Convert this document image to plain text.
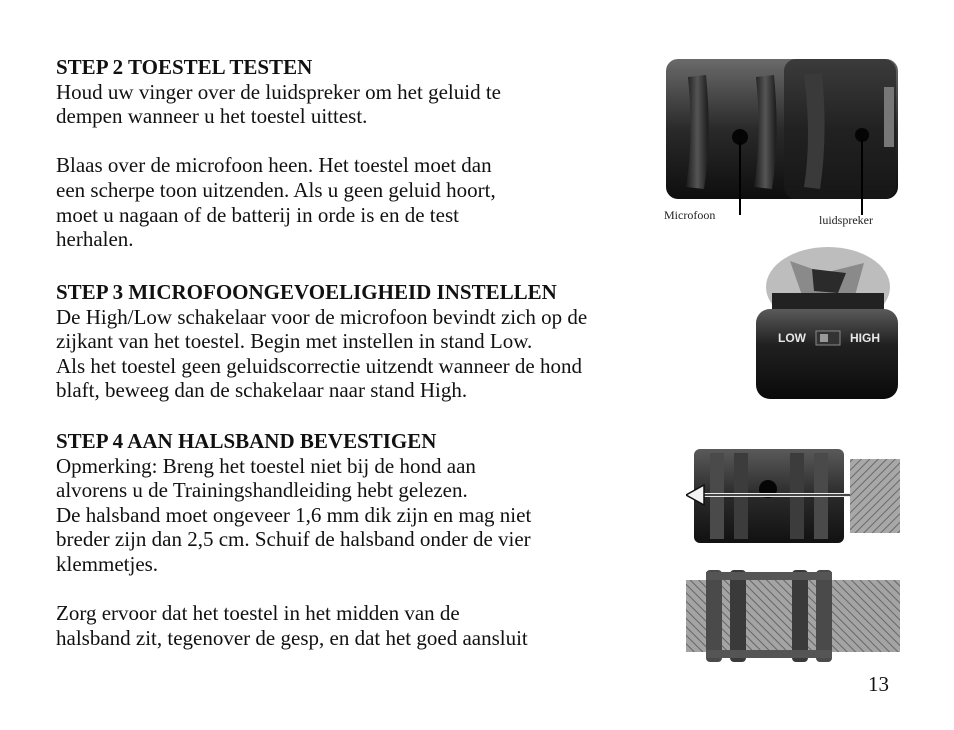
STEP 2 TOESTEL TESTEN

Houd uw vinger over de luidspreker om het geluid te

dempen wanneer u het toestel uittest.

Blaas over de microfoon heen. Het toestel moet dan

een scherpe toon uitzenden. Als u geen geluid hoort,

moet u nagaan of de batterij in orde is en de test

herhalen.

STEP 3 MICROFOONGEVOELIGHEID INSTELLEN

De High/Low schakelaar voor de microfoon bevindt zich op de

zijkant van het toestel. Begin met instellen in stand Low.

Als het toestel geen geluidscorrectie uitzendt wanneer de hond

blaft, beweeg dan de schakelaar naar stand High.

STEP 4 AAN HALSBAND BEVESTIGEN

Opmerking: Breng het toestel niet bij de hond aan

alvorens u de Trainingshandleiding hebt gelezen.

De halsband moet ongeveer 1,6 mm dik zijn en mag niet

breder zijn dan 2,5 cm. Schuif de halsband onder de vier

klemmetjes.

Zorg ervoor dat het toestel in het midden van de

halsband zit, tegenover de gesp, en dat het goed aansluit

Microfoon	luidspreker
LOW	HIGH
13
